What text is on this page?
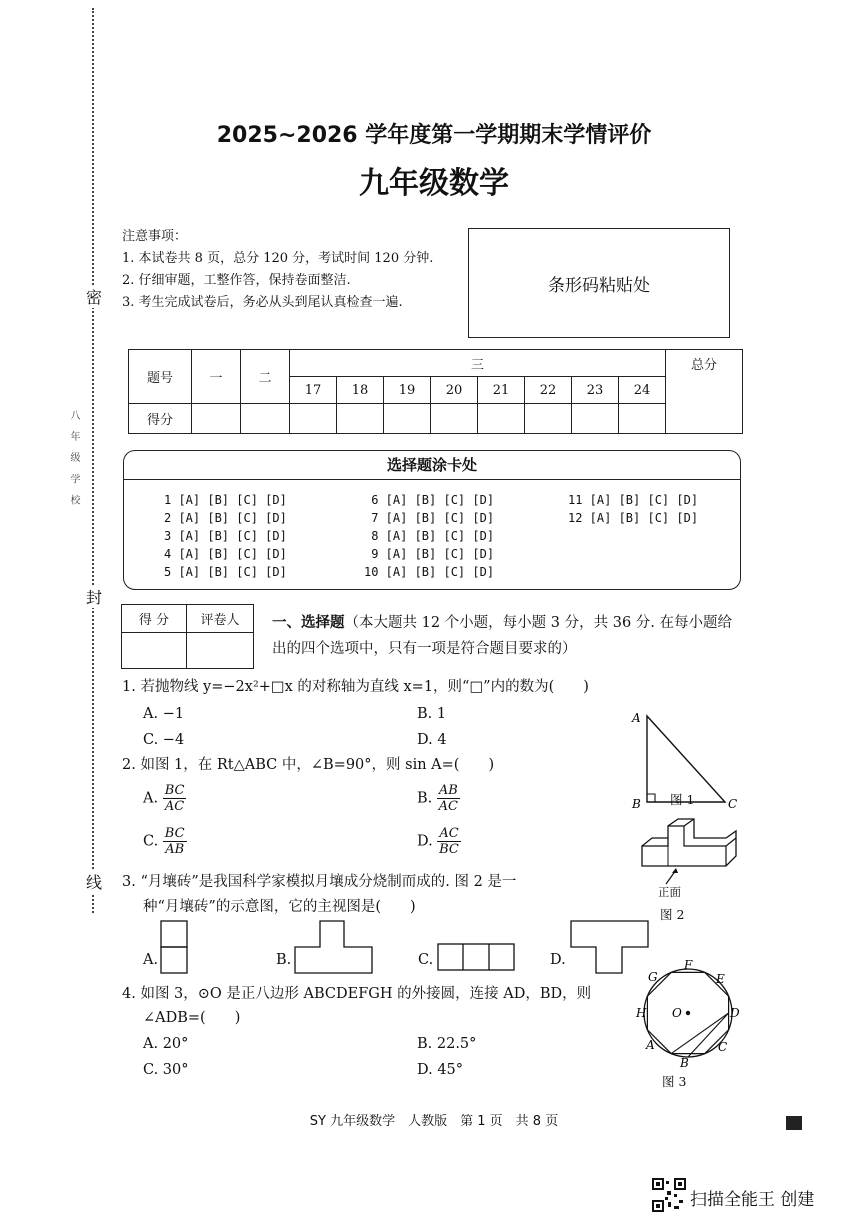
密
封
线
八 年 级 学 校
2025~2026 学年度第一学期期末学情评价
九年级数学
注意事项：
1. 本试卷共 8 页，总分 120 分，考试时间 120 分钟.
2. 仔细审题，工整作答，保持卷面整洁.
3. 考生完成试卷后，务必从头到尾认真检查一遍.
条形码粘贴处
题号	一	二	三								总分
			17	18	19	20	21	22	23	24	
得分											
选择题涂卡处
1 [A] [B] [C] [D]
2 [A] [B] [C] [D]
3 [A] [B] [C] [D]
4 [A] [B] [C] [D]
5 [A] [B] [C] [D]
6 [A] [B] [C] [D]
7 [A] [B] [C] [D]
8 [A] [B] [C] [D]
9 [A] [B] [C] [D]
10 [A] [B] [C] [D]
11 [A] [B] [C] [D]
12 [A] [B] [C] [D]
得 分	评卷人
	一、选择题（本大题共 12 个小题，每小题 3 分，共 36 分. 在每小题给出的四个选项中，只有一项是符合题目要求的）
1. 若抛物线 y=−2x²+□x 的对称轴为直线 x=1，则“□”内的数为(　　)
A. −1	B. 1
C. −4	D. 4
2. 如图 1，在 Rt△ABC 中，∠B=90°，则 sin A=(　　)
A. $\frac{BC}{AC}$	B. $\frac{AB}{AC}$
C. $\frac{BC}{AB}$	D. $\frac{AC}{BC}$
3. “月壤砖”是我国科学家模拟月壤成分烧制而成的. 图 2 是一
种“月壤砖”的示意图，它的主视图是(　　)
A.	B.	C.	D.
4. 如图 3，⊙O 是正八边形 ABCDEFGH 的外接圆，连接 AD，BD，则
∠ADB=(　　)
A. 20°	B. 22.5°
C. 30°	D. 45°
A
B	C
图 1
正面
图 2
O
G
F
E
D
C
B
A
H
图 3
SY 九年级数学　人教版　第 1 页　共 8 页
扫描全能王 创建
